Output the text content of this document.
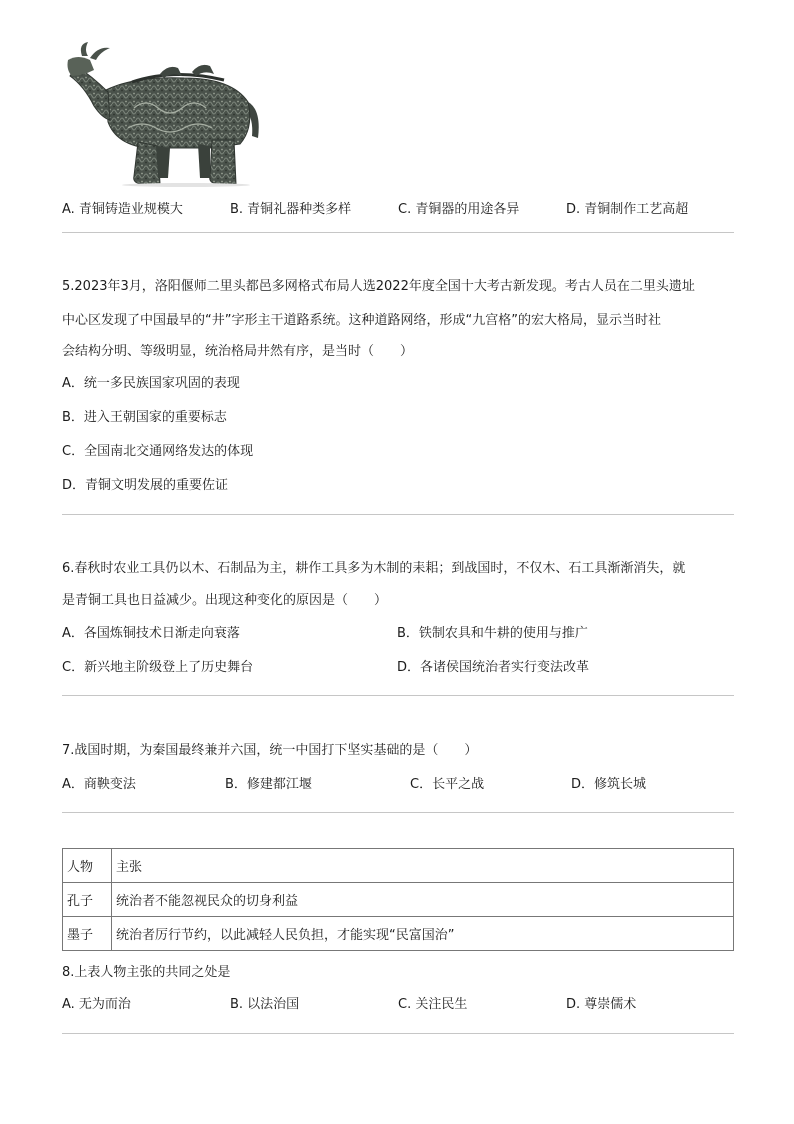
A. 青铜铸造业规模大	B. 青铜礼器种类多样	C. 青铜器的用途各异	D. 青铜制作工艺高超
5.2023年3月，洛阳偃师二里头都邑多网格式布局人选2022年度全国十大考古新发现。考古人员在二里头遗址
中心区发现了中国最早的“井”字形主干道路系统。这种道路网络，形成“九宫格”的宏大格局，显示当时社
会结构分明、等级明显，统治格局井然有序，是当时（　　）
A．统一多民族国家巩固的表现
B．进入王朝国家的重要标志
C．全国南北交通网络发达的体现
D．青铜文明发展的重要佐证
6.春秋时农业工具仍以木、石制品为主，耕作工具多为木制的耒耜；到战国时，不仅木、石工具渐渐消失，就
是青铜工具也日益减少。出现这种变化的原因是（　　）
A．各国炼铜技术日渐走向衰落	B．铁制农具和牛耕的使用与推广
C．新兴地主阶级登上了历史舞台	D．各诸侯国统治者实行变法改革
7.战国时期，为秦国最终兼并六国，统一中国打下坚实基础的是（　　）
A．商鞅变法	B．修建都江堰	C．长平之战	D．修筑长城
人物	主张
孔子	统治者不能忽视民众的切身利益
墨子	统治者厉行节约，以此减轻人民负担，才能实现“民富国治”
8.上表人物主张的共同之处是
A. 无为而治	B. 以法治国	C. 关注民生	D. 尊崇儒术
